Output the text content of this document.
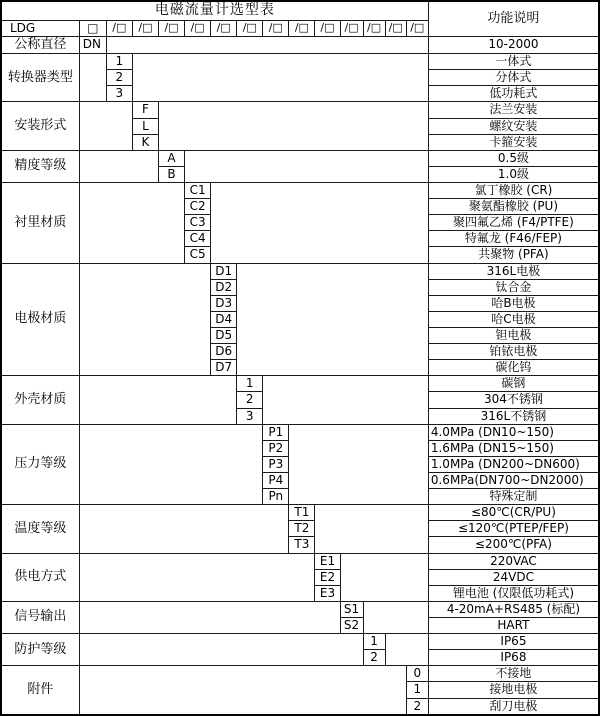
电磁流量计选型表															功能说明
LDG	□	/□	/□	/□	/□	/□	/□	/□	/□	/□	/□	/□	/□	/□	
公称直径	DN														10-2000
转换器类型		1													一体式
		2													分体式
		3													低功耗式
安装形式			F												法兰安装
			L												螺纹安装
			K												卡箍安装
精度等级				A											0.5级
				B											1.0级
衬里材质					C1										氯丁橡胶 (CR)
					C2										聚氨酯橡胶 (PU)
					C3										聚四氟乙烯 (F4/PTFE)
					C4										特氟龙 (F46/FEP)
					C5										共聚物 (PFA)
电极材质						D1									316L电极
						D2									钛合金
						D3									哈B电极
						D4									哈C电极
						D5									钽电极
						D6									铂铱电极
						D7									碳化钨
外壳材质							1								碳钢
							2								304不锈钢
							3								316L不锈钢
压力等级								P1							4.0MPa (DN10~150)
								P2							1.6MPa (DN15~150)
								P3							1.0MPa (DN200~DN600)
								P4							0.6MPa(DN700~DN2000)
								Pn							特殊定制
温度等级									T1						≤80℃(CR/PU)
									T2						≤120℃(PTEP/FEP)
									T3						≤200℃(PFA)
供电方式										E1					220VAC
										E2					24VDC
										E3					锂电池 (仅限低功耗式)
信号输出											S1				4-20mA+RS485 (标配)
											S2				HART
防护等级												1			IP65
												2			IP68
附件														0	不接地
														1	接地电极
														2	刮刀电极
